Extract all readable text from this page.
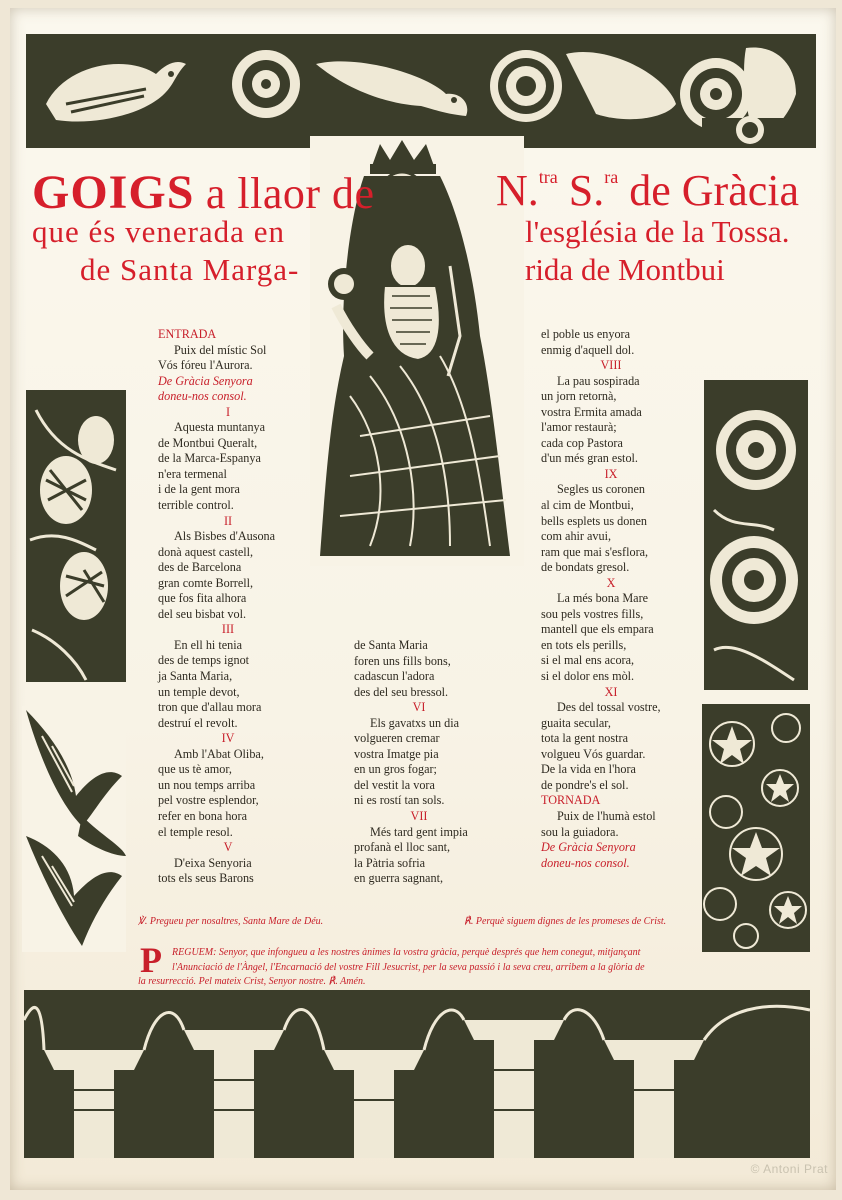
GOIGS a llaor de	N.$^{tra}$ S.$^{ra}$ de Gràcia
que és venerada en	l'església de la Tossa.
de Santa Marga-	rida de Montbui
ENTRADA
Puix del místic Sol
Vós fóreu l'Aurora.
De Gràcia Senyora
doneu-nos consol.
I
Aquesta muntanya
de Montbui Queralt,
de la Marca-Espanya
n'era termenal
i de la gent mora
terrible control.
II
Als Bisbes d'Ausona
donà aquest castell,
des de Barcelona
gran comte Borrell,
que fos fita alhora
del seu bisbat vol.
III
En ell hi tenia
des de temps ignot
ja Santa Maria,
un temple devot,
tron que d'allau mora
destruí el revolt.
IV
Amb l'Abat Oliba,
que us tè amor,
un nou temps arriba
pel vostre esplendor,
refer en bona hora
el temple resol.
V
D'eixa Senyoria
tots els seus Barons
de Santa Maria
foren uns fills bons,
cadascun l'adora
des del seu bressol.
VI
Els gavatxs un dia
volgueren cremar
vostra Imatge pia
en un gros fogar;
del vestit la vora
ni es rostí tan sols.
VII
Més tard gent impia
profanà el lloc sant,
la Pàtria sofria
en guerra sagnant,
el poble us enyora
enmig d'aquell dol.
VIII
La pau sospirada
un jorn retornà,
vostra Ermita amada
l'amor restaurà;
cada cop Pastora
d'un més gran estol.
IX
Segles us coronen
al cim de Montbui,
bells esplets us donen
com ahir avui,
ram que mai s'esflora,
de bondats gresol.
X
La més bona Mare
sou pels vostres fills,
mantell que els empara
en tots els perills,
si el mal ens acora,
si el dolor ens mòl.
XI
Des del tossal vostre,
guaita secular,
tota la gent nostra
volgueu Vós guardar.
De la vida en l'hora
de pondre's el sol.
TORNADA
Puix de l'humà estol
sou la guiadora.
De Gràcia Senyora
doneu-nos consol.
℣. Pregueu per nosaltres, Santa Mare de Déu.	℟. Perquè siguem dignes de les promeses de Crist.
P	REGUEM: Senyor, que infongueu a les nostres ànimes la vostra gràcia, perquè després que hem conegut, mitjançant
l'Anunciació de l'Àngel, l'Encarnació del vostre Fill Jesucrist, per la seva passió i la seva creu, arribem a la glòria de
la resurrecció. Pel mateix Crist, Senyor nostre. ℟. Amén.
© Antoni Prat
